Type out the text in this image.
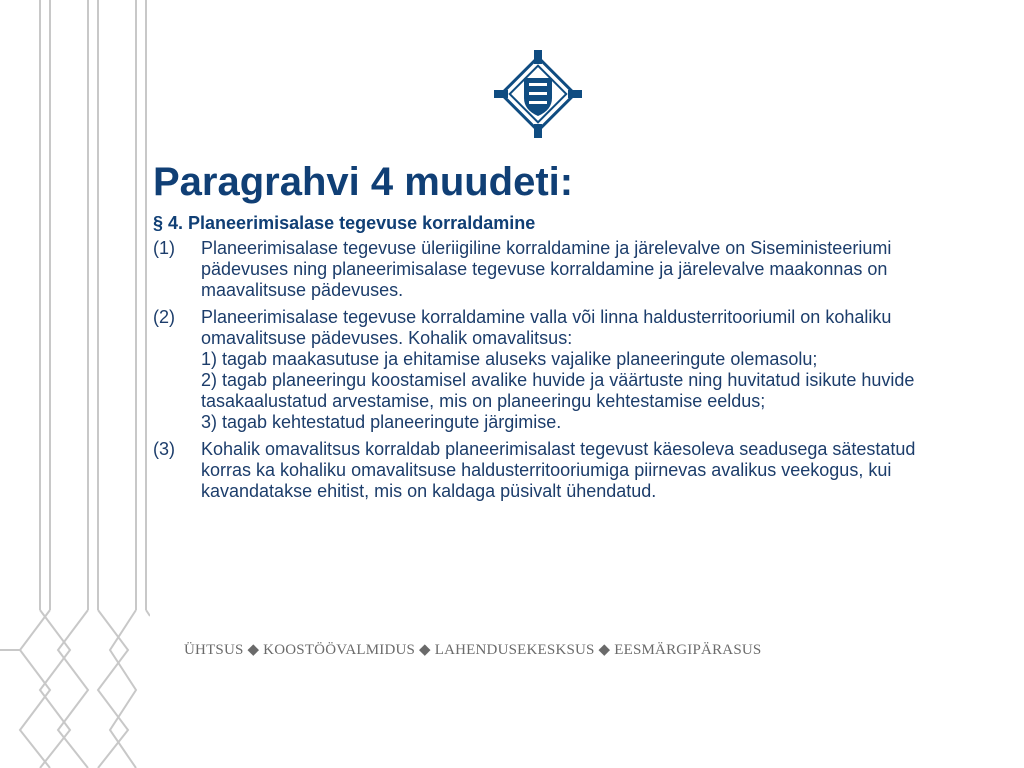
Paragrahvi 4 muudeti:
§ 4. Planeerimisalase tegevuse korraldamine
(1)	Planeerimisalase tegevuse üleriigiline korraldamine ja järelevalve on Siseministeeriumi pädevuses ning planeerimisalase tegevuse korraldamine ja järelevalve maakonnas on maavalitsuse pädevuses.
(2) Planeerimisalase tegevuse korraldamine valla või linna haldusterritooriumil on kohaliku omavalitsuse pädevuses. Kohalik omavalitsus:
1) tagab maakasutuse ja ehitamise aluseks vajalike planeeringute olemasolu;
2) tagab planeeringu koostamisel avalike huvide ja väärtuste ning huvitatud isikute huvide tasakaalustatud arvestamise, mis on planeeringu kehtestamise eeldus;
3) tagab kehtestatud planeeringute järgimise.
(3)	Kohalik omavalitsus korraldab planeerimisalast tegevust käesoleva seadusega sätestatud korras ka kohaliku omavalitsuse haldusterritooriumiga piirnevas avalikus veekogus, kui kavandatakse ehitist, mis on kaldaga püsivalt ühendatud.
ÜHTSUS ◆ KOOSTÖÖVALMIDUS ◆ LAHENDUSEKESKSUS ◆ EESMÄRGIPÄRASUS
